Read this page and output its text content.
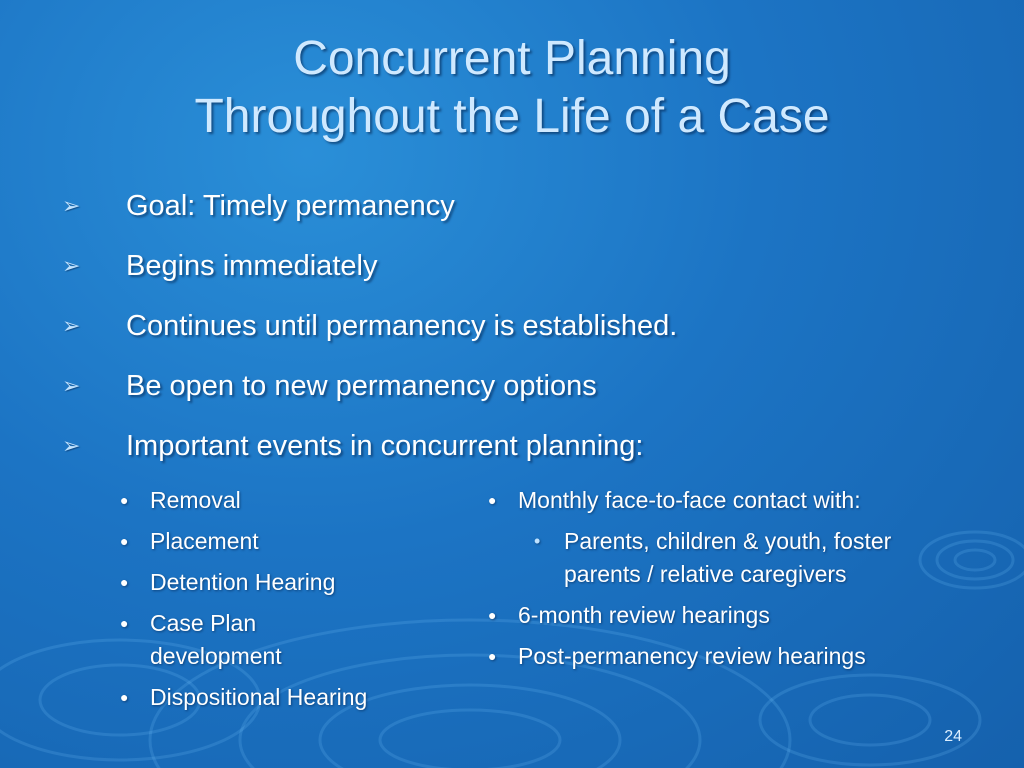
Concurrent Planning
Throughout the Life of a Case
➢	Goal: Timely permanency
➢	Begins immediately
➢	Continues until permanency is established.
➢	Be open to new permanency options
➢	Important events in concurrent planning:
● Removal
● Placement
● Detention Hearing
● Case Plan development
● Dispositional Hearing
● Monthly face-to-face contact with:
•	Parents, children & youth, foster parents / relative caregivers
● 6-month review hearings
● Post-permanency review hearings
24
